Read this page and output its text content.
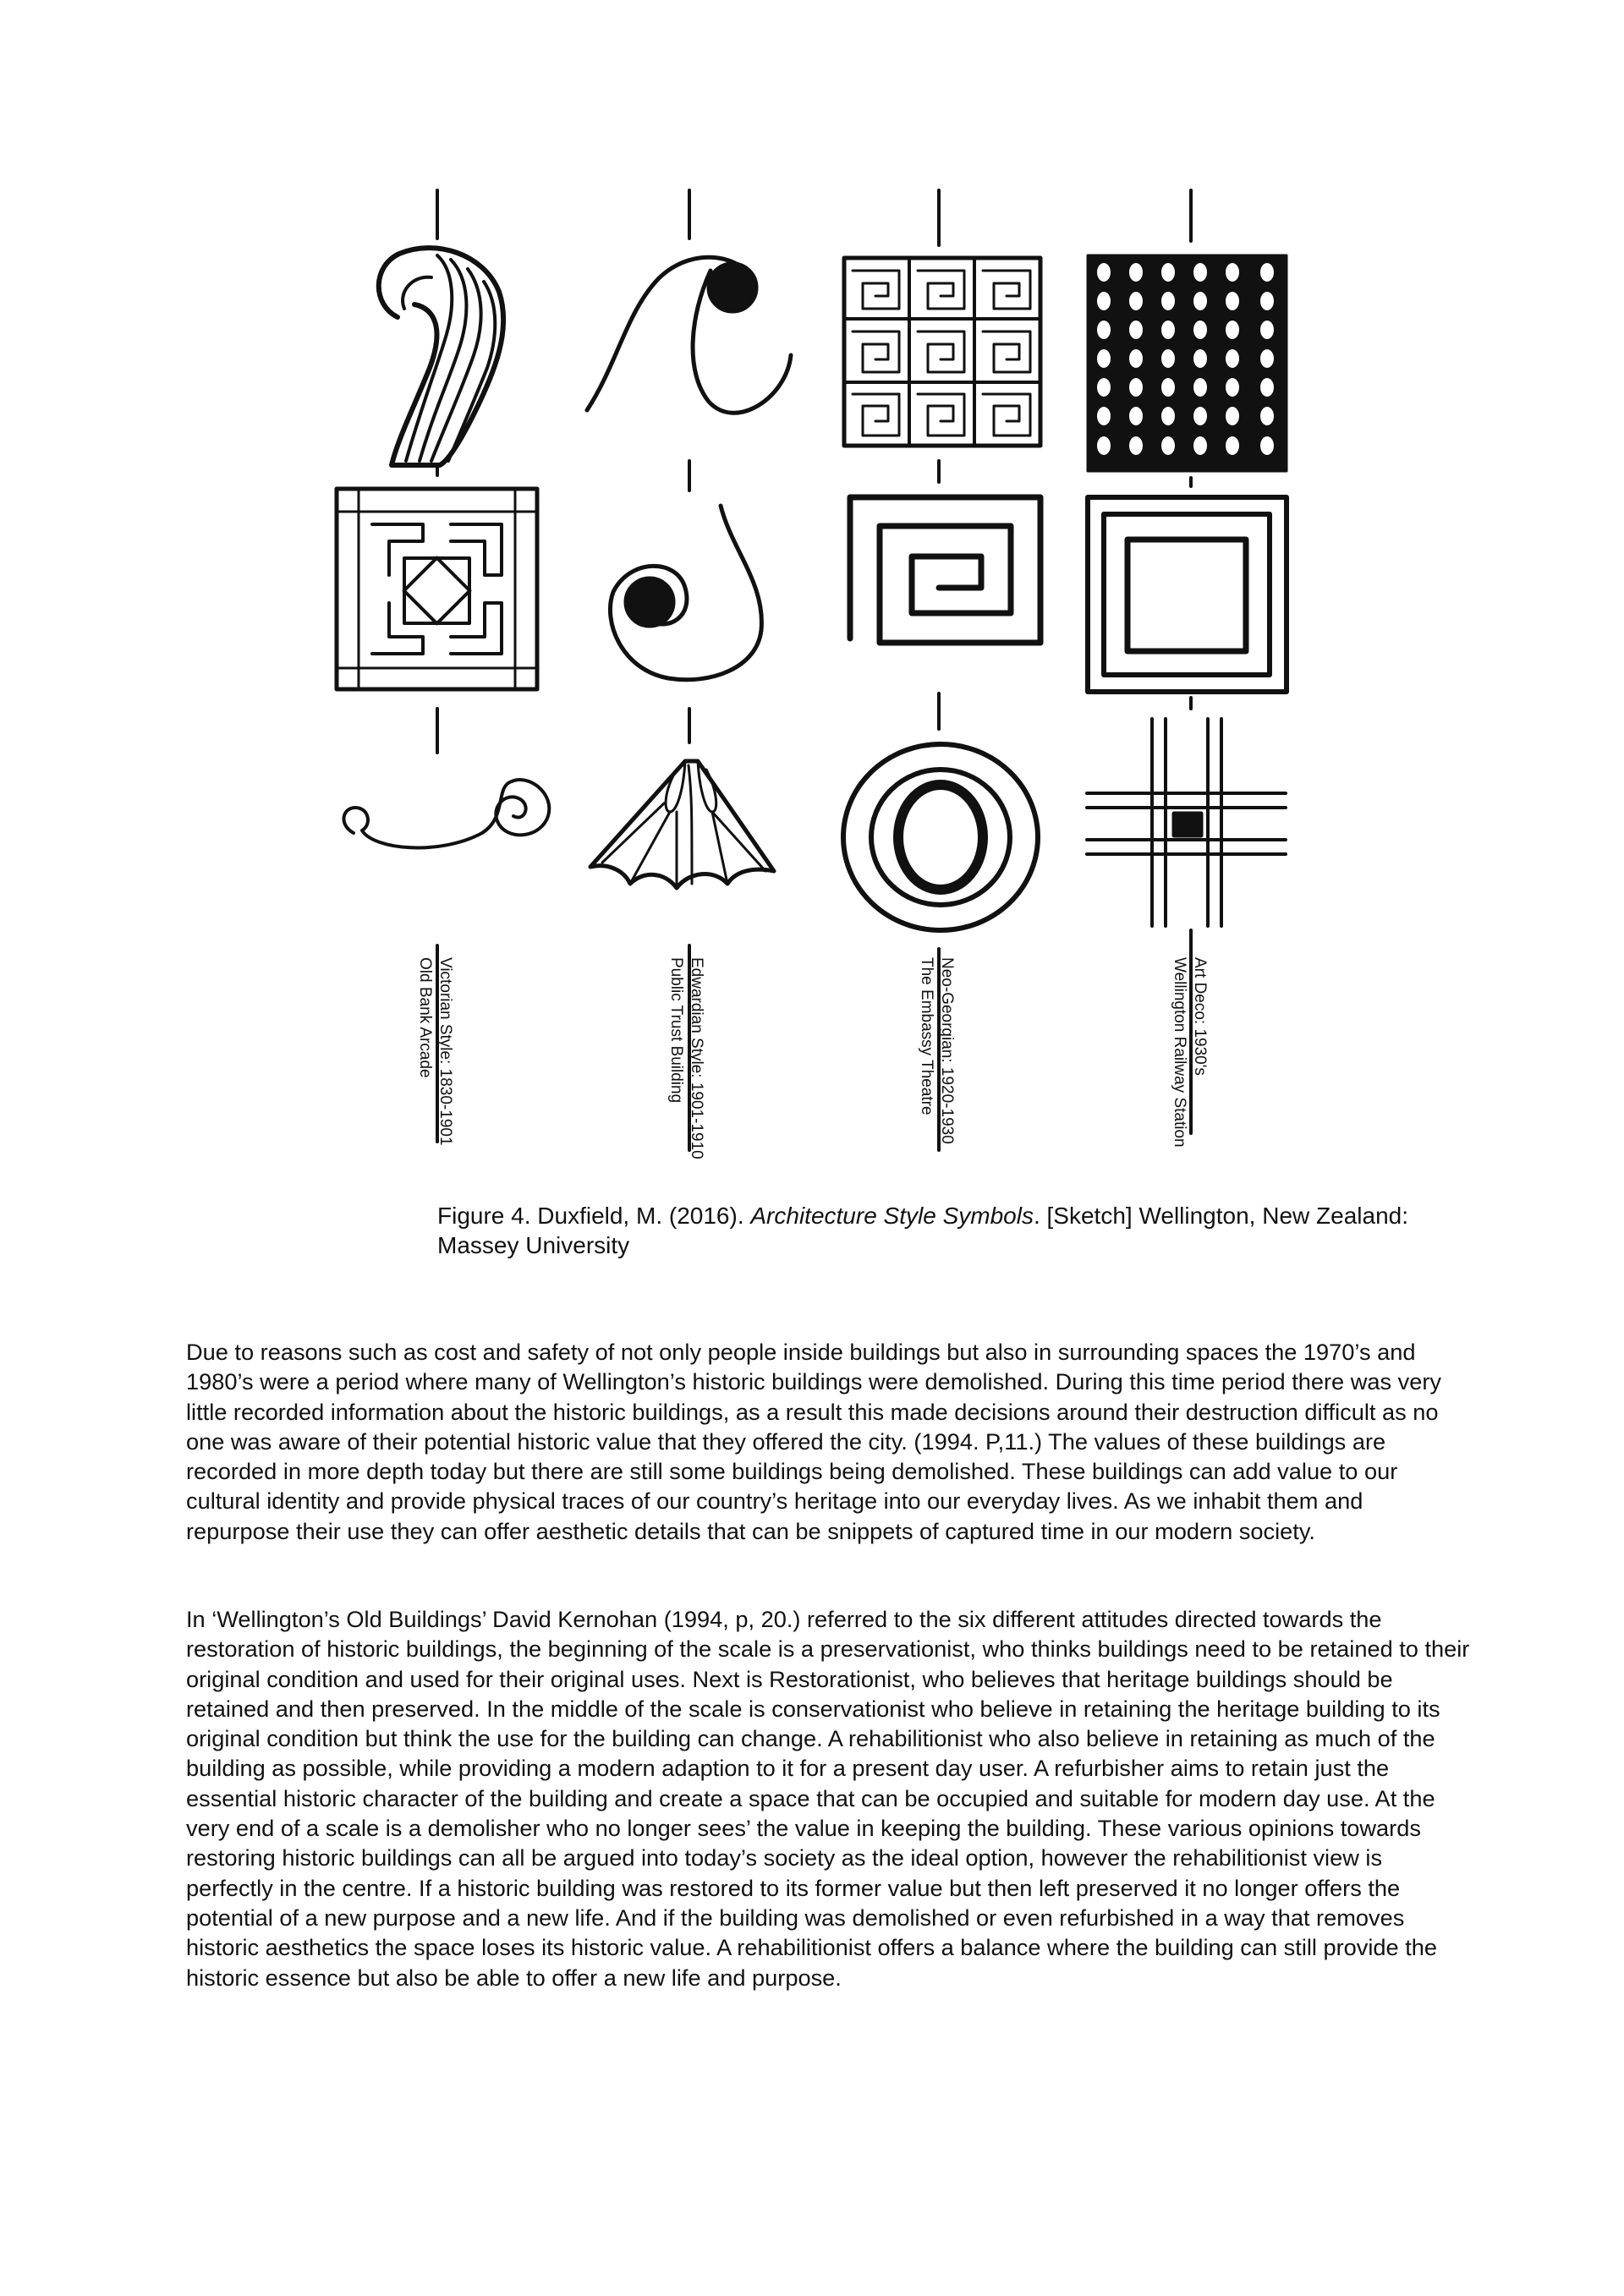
Victorian Style: 1830-1901
Old Bank Arcade	Edwardian Style: 1901-1910
Public Trust Building	Neo-Georgian: 1920-1930
The Embassy Theatre	Art Deco: 1930's
Wellington Railway Station
Figure 4. Duxfield, M. (2016). Architecture Style Symbols. [Sketch] Wellington, New Zealand: Massey University

Due to reasons such as cost and safety of not only people inside buildings but also in surrounding spaces the 1970’s and 1980’s were a period where many of Wellington’s historic buildings were demolished. During this time period there was very little recorded information about the historic buildings, as a result this made decisions around their destruction difficult as no one was aware of their potential historic value that they offered the city. (1994. P,11.) The values of these buildings are recorded in more depth today but there are still some buildings being demolished. These buildings can add value to our cultural identity and provide physical traces of our country’s heritage into our everyday lives. As we inhabit them and repurpose their use they can offer aesthetic details that can be snippets of captured time in our modern society.

In ‘Wellington’s Old Buildings’ David Kernohan (1994, p, 20.) referred to the six different attitudes directed towards the restoration of historic buildings, the beginning of the scale is a preservationist, who thinks buildings need to be retained to their original condition and used for their original uses. Next is Restorationist, who believes that heritage buildings should be retained and then preserved. In the middle of the scale is conservationist who believe in retaining the heritage building to its original condition but think the use for the building can change. A rehabilitionist who also believe in retaining as much of the building as possible, while providing a modern adaption to it for a present day user. A refurbisher aims to retain just the essential historic character of the building and create a space that can be occupied and suitable for modern day use. At the very end of a scale is a demolisher who no longer sees’ the value in keeping the building. These various opinions towards restoring historic buildings can all be argued into today’s society as the ideal option, however the rehabilitionist view is perfectly in the centre. If a historic building was restored to its former value but then left preserved it no longer offers the potential of a new purpose and a new life. And if the building was demolished or even refurbished in a way that removes historic aesthetics the space loses its historic value. A rehabilitionist offers a balance where the building can still provide the historic essence but also be able to offer a new life and purpose.
